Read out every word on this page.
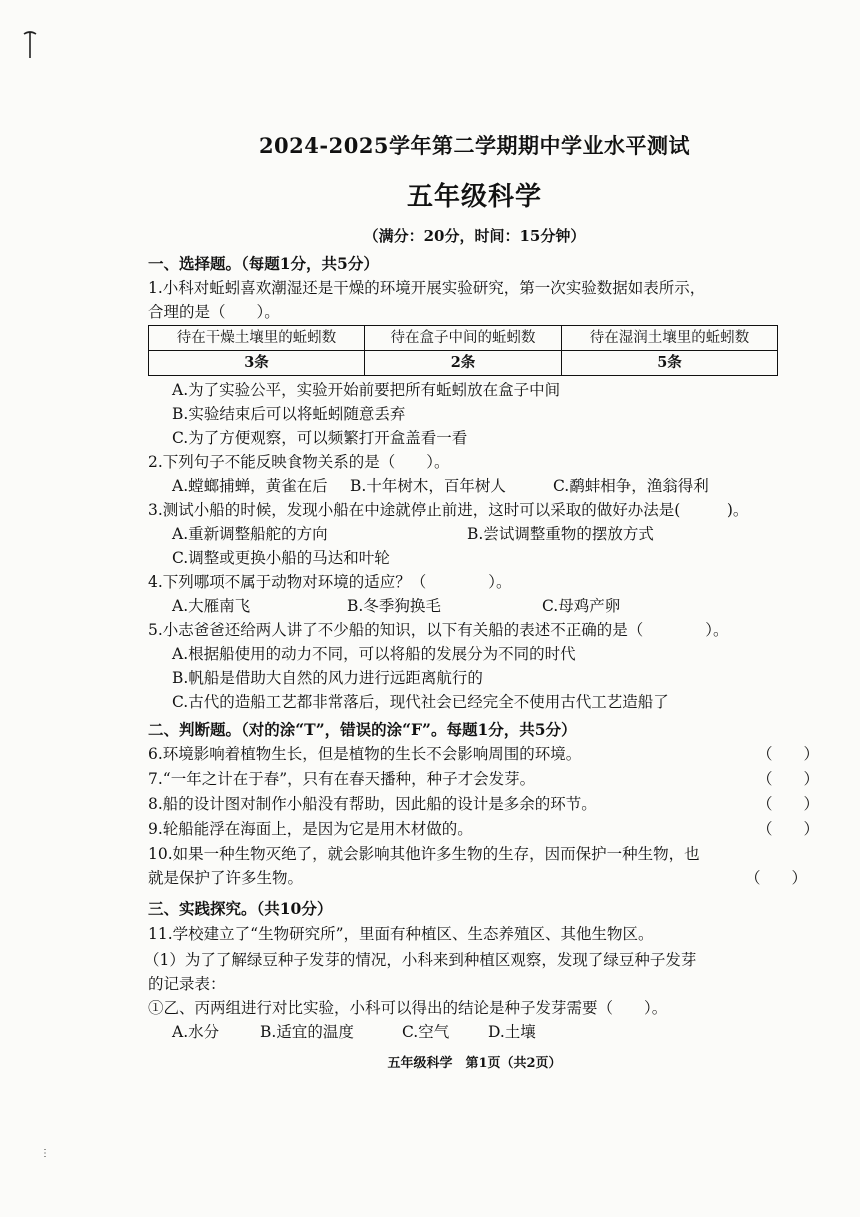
⋮
2024-2025学年第二学期期中学业水平测试
五年级科学
（满分：20分，时间：15分钟）
一、选择题。（每题1分，共5分）

1.小科对蚯蚓喜欢潮湿还是干燥的环境开展实验研究，第一次实验数据如表所示，

合理的是（　　）。

待在干燥土壤里的蚯蚓数	待在盒子中间的蚯蚓数	待在湿润土壤里的蚯蚓数
3条	2条	5条
A.为了实验公平，实验开始前要把所有蚯蚓放在盒子中间
B.实验结束后可以将蚯蚓随意丢弃
C.为了方便观察，可以频繁打开盒盖看一看

2.下列句子不能反映食物关系的是（　　）。

A.螳螂捕蝉，黄雀在后	B.十年树木，百年树人	C.鹬蚌相争，渔翁得利

3.测试小船的时候，发现小船在中途就停止前进，这时可以采取的做好办法是(　　　)。

A.重新调整船舵的方向	B.尝试调整重物的摆放方式
C.调整或更换小船的马达和叶轮

4.下列哪项不属于动物对环境的适应？（　　　　）。

A.大雁南飞	B.冬季狗换毛	C.母鸡产卵

5.小志爸爸还给两人讲了不少船的知识，以下有关船的表述不正确的是（　　　　）。

A.根据船使用的动力不同，可以将船的发展分为不同的时代
B.帆船是借助大自然的风力进行远距离航行的
C.古代的造船工艺都非常落后，现代社会已经完全不使用古代工艺造船了
二、判断题。（对的涂“T”，错误的涂“F”。每题1分，共5分）
6.环境影响着植物生长，但是植物的生长不会影响周围的环境。	（　　）
7.“一年之计在于春”，只有在春天播种，种子才会发芽。	（　　）
8.船的设计图对制作小船没有帮助，因此船的设计是多余的环节。	（　　）
9.轮船能浮在海面上，是因为它是用木材做的。	（　　）

10.如果一种生物灭绝了，就会影响其他许多生物的生存，因而保护一种生物，也

就是保护了许多生物。	（　　）
三、实践探究。（共10分）

11.学校建立了“生物研究所”，里面有种植区、生态养殖区、其他生物区。

（1）为了了解绿豆种子发芽的情况，小科来到种植区观察，发现了绿豆种子发芽

的记录表：

①乙、丙两组进行对比实验，小科可以得出的结论是种子发芽需要（　　）。

A.水分	B.适宜的温度	C.空气	D.土壤
五年级科学　第1页（共2页）
